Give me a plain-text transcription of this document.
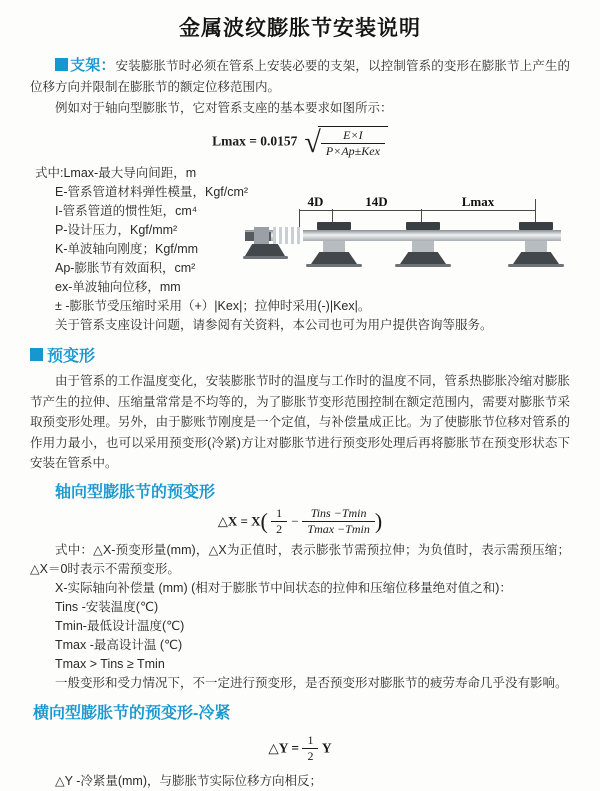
金属波纹膨胀节安装说明

支架：安装膨胀节时必须在管系上安装必要的支架，以控制管系的变形在膨胀节上产生的位移方向并限制在膨胀节的额定位移范围内。

例如对于轴向型膨胀节，它对管系支座的基本要求如图所示：

Lmax = 0.0157 √ $\frac{E\times I}{\text{P×Ap±Kex}}$
式中:Lmax-最大导向间距，m
E-管系管道材料弹性模量，Kgf/cm²
I-管系管道的惯性矩，cm⁴
P-设计压力，Kgf/mm²
K-单波轴向刚度；Kgf/mm
Ap-膨胀节有效面积，cm²
ex-单波轴向位移，mm
± -膨胀节受压缩时采用（+）|Kex|；拉伸时采用(-)|Kex|。
关于管系支座设计问题，请参阅有关资料，本公司也可为用户提供咨询等服务。
4D	14D	Lmax
预变形

由于管系的工作温度变化，安装膨胀节时的温度与工作时的温度不同，管系热膨胀冷缩对膨胀节产生的拉伸、压缩量常常是不均等的，为了膨胀节变形范围控制在额定范围内，需要对膨胀节采取预变形处理。另外，由于膨账节刚度是一个定值，与补偿量成正比。为了使膨胀节位移对管系的作用力最小，也可以采用预变形(冷紧)方让对膨胀节进行预变形处理后再将膨胀节在预变形状态下安装在管系中。

轴向型膨胀节的预变形
△X = $X( \frac{1}{2} - \frac{\text{Tins −Tmin}}{Tmax -Tmin}$ )

式中：△X-预变形量(mm)，△X为正值时，表示膨张节需预拉伸；为负值时，表示需预压缩；△X＝0时表示不需预变形。

X-实际轴向补偿量 (mm) (相对于膨胀节中间状态的拉伸和压缩位移量绝对值之和)：

Tins -安装温度(℃)

Tmin-最低设计温度(℃)

Tmax -最高设计温 (℃)

Tmax > Tins ≥ Tmin

一般变形和受力情况下，不一定进行预变形，是否预变形对膨胀节的疲劳寿命几乎没有影响。

横向型膨胀节的预变形-冷紧
△Y = $\frac{1}{2}$ Y

△Y -冷紧量(mm)，与膨胀节实际位移方向相反；
